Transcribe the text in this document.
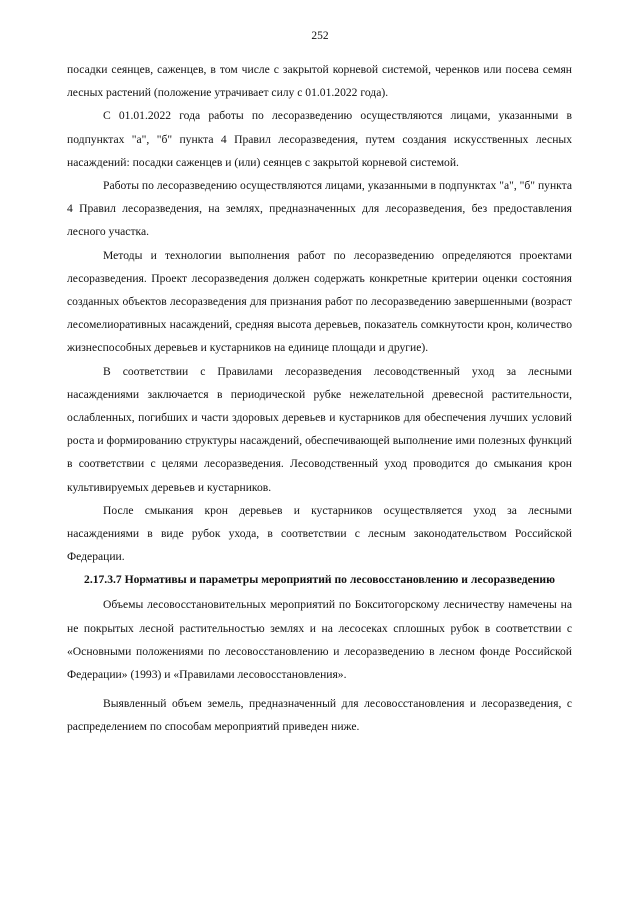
252

посадки сеянцев, саженцев, в том числе с закрытой корневой системой, черенков или посева семян лесных растений (положение утрачивает силу с 01.01.2022 года).

С 01.01.2022 года работы по лесоразведению осуществляются лицами, указанными в подпунктах "а", "б" пункта 4 Правил лесоразведения, путем создания искусственных лесных насаждений: посадки саженцев и (или) сеянцев с закрытой корневой системой.

Работы по лесоразведению осуществляются лицами, указанными в подпунктах "а", "б" пункта 4 Правил лесоразведения, на землях, предназначенных для лесоразведения, без предоставления лесного участка.

Методы и технологии выполнения работ по лесоразведению определяются проектами лесоразведения. Проект лесоразведения должен содержать конкретные критерии оценки состояния созданных объектов лесоразведения для признания работ по лесоразведению завершенными (возраст лесомелиоративных насаждений, средняя высота деревьев, показатель сомкнутости крон, количество жизнеспособных деревьев и кустарников на единице площади и другие).

В соответствии с Правилами лесоразведения лесоводственный уход за лесными насаждениями заключается в периодической рубке нежелательной древесной растительности, ослабленных, погибших и части здоровых деревьев и кустарников для обеспечения лучших условий роста и формированию структуры насаждений, обеспечивающей выполнение ими полезных функций в соответствии с целями лесоразведения. Лесоводственный уход проводится до смыкания крон культивируемых деревьев и кустарников.

После смыкания крон деревьев и кустарников осуществляется уход за лесными насаждениями в виде рубок ухода, в соответствии с лесным законодательством Российской Федерации.

2.17.3.7 Нормативы и параметры мероприятий по лесовосстановлению и лесоразведению

Объемы лесовосстановительных мероприятий по Бокситогорскому лесничеству намечены на не покрытых лесной растительностью землях и на лесосеках сплошных рубок в соответствии с «Основными положениями по лесовосстановлению и лесоразведению в лесном фонде Российской Федерации» (1993) и «Правилами лесовосстановления».

Выявленный объем земель, предназначенный для лесовосстановления и лесоразведения, с распределением по способам мероприятий приведен ниже.
